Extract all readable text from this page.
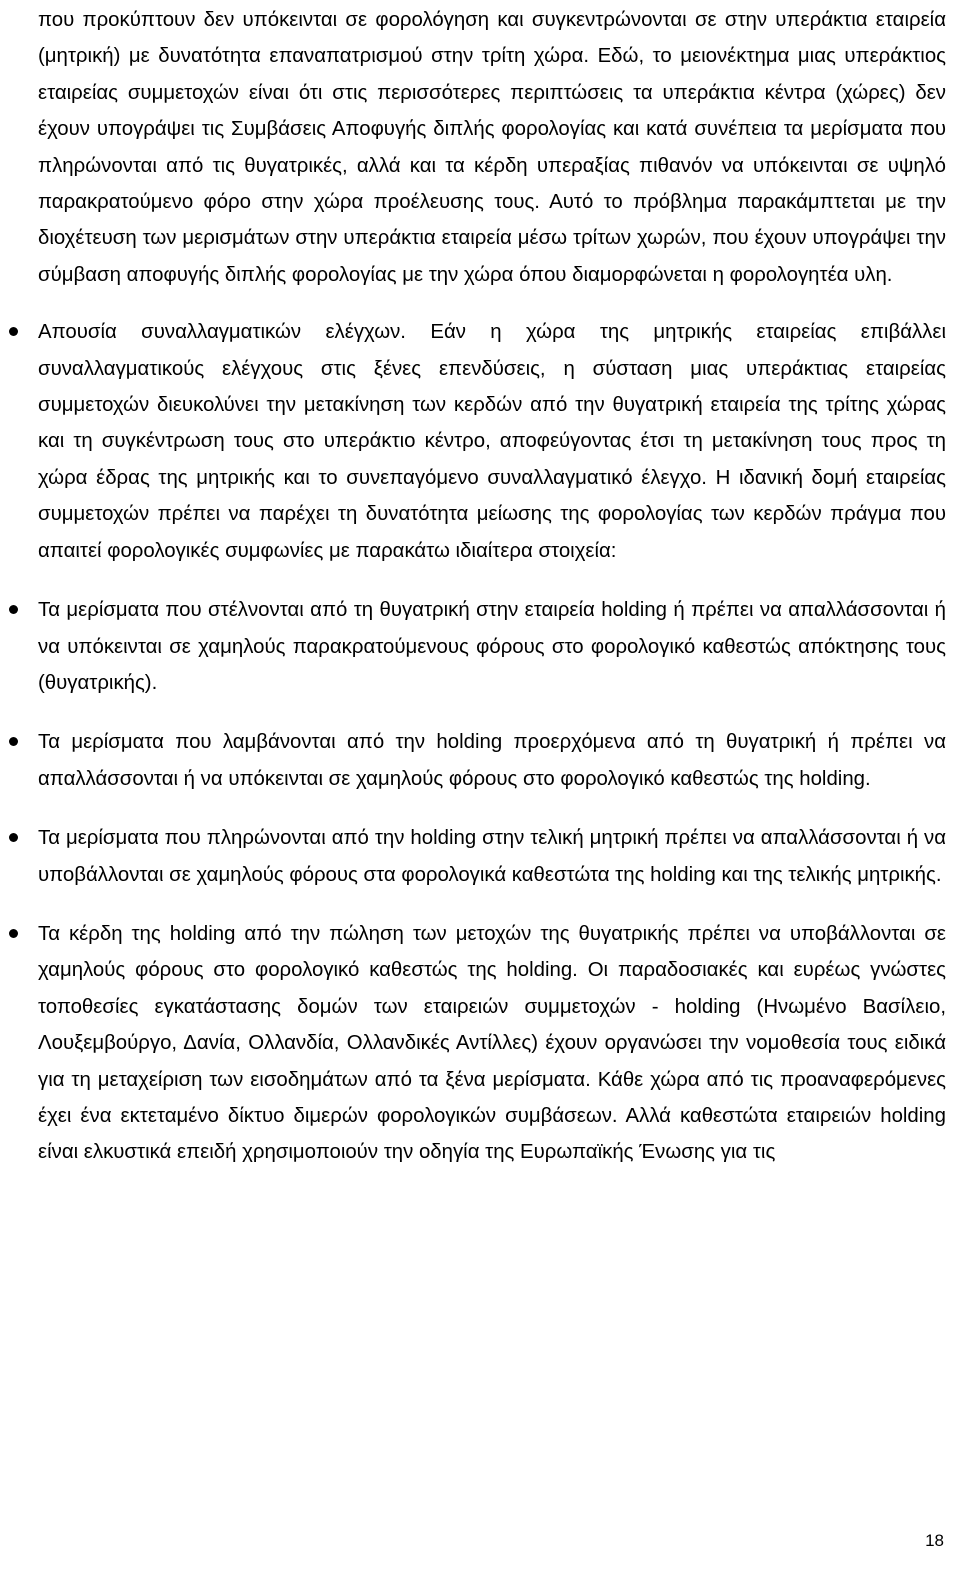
που προκύπτουν δεν υπόκεινται σε φορολόγηση και συγκεντρώνονται σε στην υπεράκτια εταιρεία (μητρική) με δυνατότητα επαναπατρισμού στην τρίτη χώρα. Εδώ, το μειονέκτημα μιας υπεράκτιος εταιρείας συμμετοχών είναι ότι στις περισσότερες περιπτώσεις τα υπεράκτια κέντρα (χώρες) δεν έχουν υπογράψει τις Συμβάσεις Αποφυγής διπλής φορολογίας και κατά συνέπεια τα μερίσματα που πληρώνονται από τις θυγατρικές, αλλά και τα κέρδη υπεραξίας πιθανόν να υπόκεινται σε υψηλό παρακρατούμενο φόρο στην χώρα προέλευσης τους. Αυτό το πρόβλημα παρακάμπτεται με την διοχέτευση των μερισμάτων στην υπεράκτια εταιρεία μέσω τρίτων χωρών, που έχουν υπογράψει την σύμβαση αποφυγής διπλής φορολογίας με την χώρα όπου διαμορφώνεται η φορολογητέα υλη.

Απουσία συναλλαγματικών ελέγχων. Εάν η χώρα της μητρικής εταιρείας επιβάλλει συναλλαγματικούς ελέγχους στις ξένες επενδύσεις, η σύσταση μιας υπεράκτιας εταιρείας συμμετοχών διευκολύνει την μετακίνηση των κερδών από την θυγατρική εταιρεία της τρίτης χώρας και τη συγκέντρωση τους στο υπεράκτιο κέντρο, αποφεύγοντας έτσι τη μετακίνηση τους προς τη χώρα έδρας της μητρικής και το συνεπαγόμενο συναλλαγματικό έλεγχο. Η ιδανική δομή εταιρείας συμμετοχών πρέπει να παρέχει τη δυνατότητα μείωσης της φορολογίας των κερδών πράγμα που απαιτεί φορολογικές συμφωνίες με παρακάτω ιδιαίτερα στοιχεία:

Τα μερίσματα που στέλνονται από τη θυγατρική στην εταιρεία holding ή πρέπει να απαλλάσσονται ή να υπόκεινται σε χαμηλούς παρακρατούμενους φόρους στο φορολογικό καθεστώς απόκτησης τους (θυγατρικής).

Τα μερίσματα που λαμβάνονται από την holding προερχόμενα από τη θυγατρική ή πρέπει να απαλλάσσονται ή να υπόκεινται σε χαμηλούς φόρους στο φορολογικό καθεστώς της holding.

Τα μερίσματα που πληρώνονται από την holding στην τελική μητρική πρέπει να απαλλάσσονται ή να υποβάλλονται σε χαμηλούς φόρους στα φορολογικά καθεστώτα της holding και της τελικής μητρικής.

Τα κέρδη της holding από την πώληση των μετοχών της θυγατρικής πρέπει να υποβάλλονται σε χαμηλούς φόρους στο φορολογικό καθεστώς της holding. Οι παραδοσιακές και ευρέως γνώστες τοποθεσίες εγκατάστασης δομών των εταιρειών συμμετοχών - holding (Ηνωμένο Βασίλειο, Λουξεμβούργο, Δανία, Ολλανδία, Ολλανδικές Αντίλλες) έχουν οργανώσει την νομοθεσία τους ειδικά για τη μεταχείριση των εισοδημάτων από τα ξένα μερίσματα. Κάθε χώρα από τις προαναφερόμενες έχει ένα εκτεταμένο δίκτυο διμερών φορολογικών συμβάσεων. Αλλά καθεστώτα εταιρειών holding είναι ελκυστικά επειδή χρησιμοποιούν την οδηγία της Ευρωπαϊκής Ένωσης για τις

18
